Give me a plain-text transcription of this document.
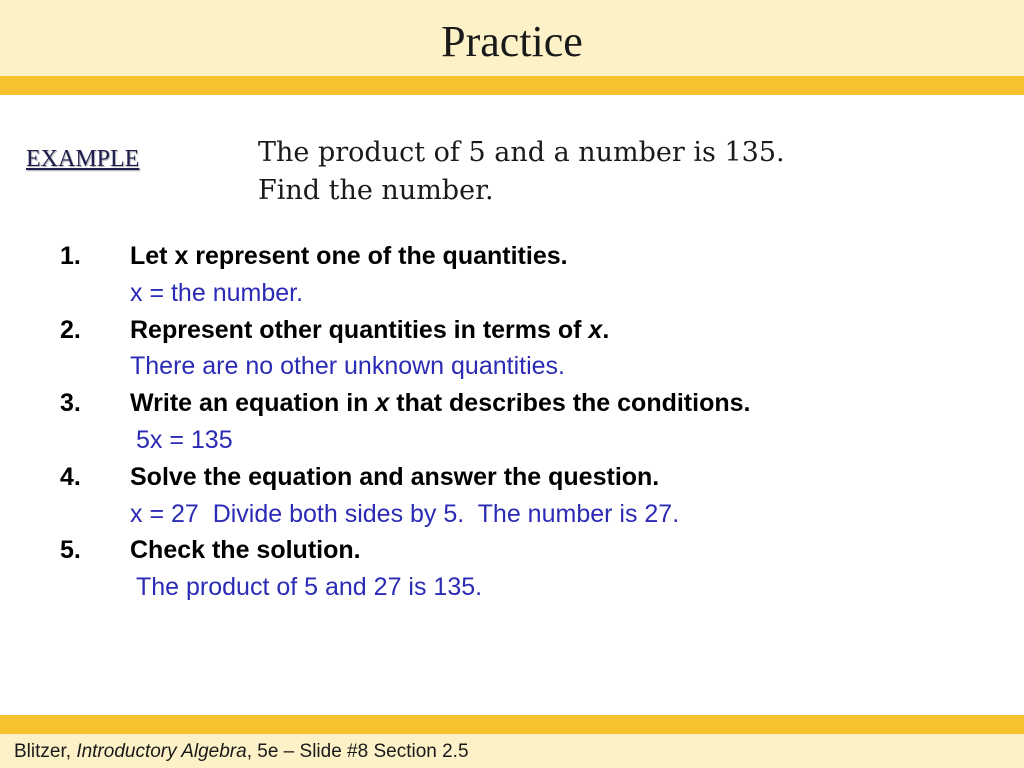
Practice
EXAMPLE	The product of 5 and a number is 135.
Find the number.
1. Let x represent one of the quantities.
x = the number.
2. Represent other quantities in terms of x.
There are no other unknown quantities.
3. Write an equation in x that describes the conditions.
5x = 135
4. Solve the equation and answer the question.
x = 27  Divide both sides by 5.  The number is 27.
5. Check the solution.
The product of 5 and 27 is 135.
Blitzer, Introductory Algebra, 5e – Slide #8 Section 2.5
